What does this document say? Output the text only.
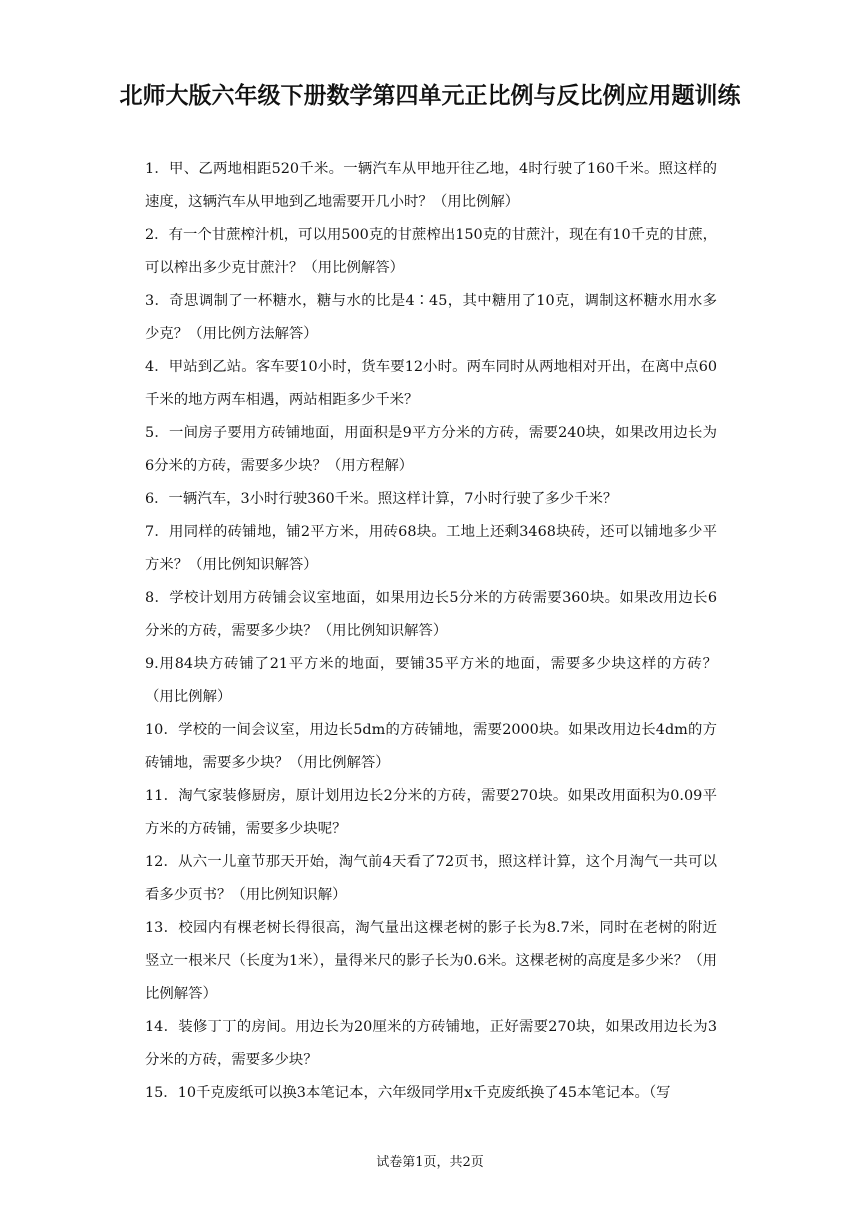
北师大版六年级下册数学第四单元正比例与反比例应用题训练
1．甲、乙两地相距520千米。一辆汽车从甲地开往乙地，4时行驶了160千米。照这样的速度，这辆汽车从甲地到乙地需要开几小时？（用比例解）
2．有一个甘蔗榨汁机，可以用500克的甘蔗榨出150克的甘蔗汁，现在有10千克的甘蔗，可以榨出多少克甘蔗汁？（用比例解答）
3．奇思调制了一杯糖水，糖与水的比是4∶45，其中糖用了10克，调制这杯糖水用水多少克？（用比例方法解答）
4．甲站到乙站。客车要10小时，货车要12小时。两车同时从两地相对开出，在离中点60千米的地方两车相遇，两站相距多少千米？
5．一间房子要用方砖铺地面，用面积是9平方分米的方砖，需要240块，如果改用边长为6分米的方砖，需要多少块？（用方程解）
6．一辆汽车，3小时行驶360千米。照这样计算，7小时行驶了多少千米？
7．用同样的砖铺地，铺2平方米，用砖68块。工地上还剩3468块砖，还可以铺地多少平方米？（用比例知识解答）
8．学校计划用方砖铺会议室地面，如果用边长5分米的方砖需要360块。如果改用边长6分米的方砖，需要多少块？（用比例知识解答）
9.用84块方砖铺了21平方米的地面，要铺35平方米的地面，需要多少块这样的方砖？（用比例解）
10．学校的一间会议室，用边长5dm的方砖铺地，需要2000块。如果改用边长4dm的方砖铺地，需要多少块？（用比例解答）
11．淘气家装修厨房，原计划用边长2分米的方砖，需要270块。如果改用面积为0.09平方米的方砖铺，需要多少块呢？
12．从六一儿童节那天开始，淘气前4天看了72页书，照这样计算，这个月淘气一共可以看多少页书？（用比例知识解）
13．校园内有棵老树长得很高，淘气量出这棵老树的影子长为8.7米，同时在老树的附近竖立一根米尺（长度为1米），量得米尺的影子长为0.6米。这棵老树的高度是多少米？（用比例解答）
14．装修丁丁的房间。用边长为20厘米的方砖铺地，正好需要270块，如果改用边长为3分米的方砖，需要多少块？
15．10千克废纸可以换3本笔记本，六年级同学用x千克废纸换了45本笔记本。（写
试卷第1页，共2页
